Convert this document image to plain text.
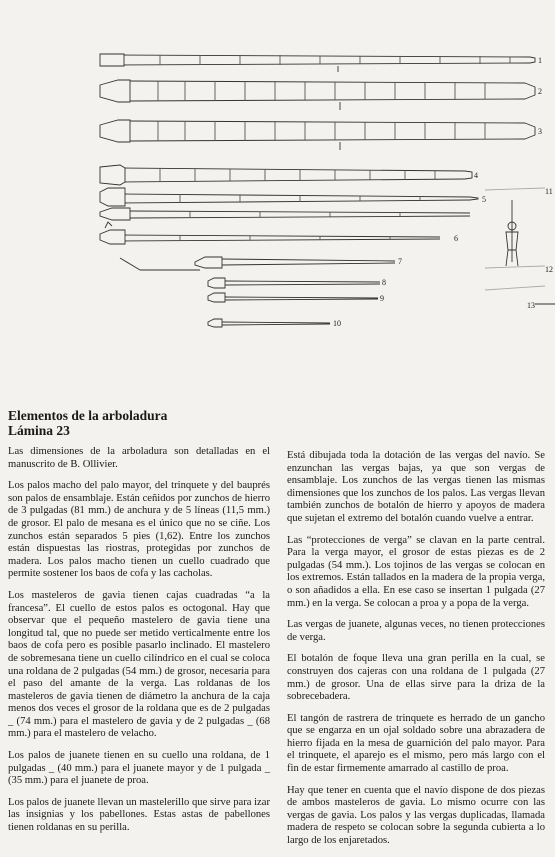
1
2
3
4
5
6
7
8
9
10
11
12
13
Elementos de la arboladura
Lámina 23

Las dimensiones de la arboladura son detalladas en el manuscrito de B. Ollivier.

Los palos macho del palo mayor, del trinquete y del bauprés son palos de ensamblaje. Están ceñidos por zunchos de hierro de 3 pulgadas (81 mm.) de anchura y de 5 líneas (11,5 mm.) de grosor. El palo de mesana es el único que no se ciñe. Los zunchos están separados 5 pies (1,62). Entre los zunchos están dispuestas las riostras, protegidas por zunchos de madera. Los palos macho tienen un cuello cuadrado que permite sostener los baos de cofa y las cacholas.

Los masteleros de gavia tienen cajas cuadradas “a la francesa”. El cuello de estos palos es octogonal. Hay que observar que el pequeño mastelero de gavia tiene una longitud tal, que no puede ser metido verticalmente entre los baos de cofa pero es posible pasarlo inclinado. El mastelero de sobremesana tiene un cuello cilíndrico en el cual se coloca una roldana de 2 pulgadas (54 mm.) de grosor, necesaria para el paso del amante de la verga. Las roldanas de los masteleros de gavia tienen de diámetro la anchura de la caja menos dos veces el grosor de la roldana que es de 2 pulgadas _ (74 mm.) para el mastelero de gavia y de 2 pulgadas _ (68 mm.) para el mastelero de velacho.

Los palos de juanete tienen en su cuello una roldana, de 1 pulgadas _ (40 mm.) para el juanete mayor y de 1 pulgada _ (35 mm.) para el juanete de proa.

Los palos de juanete llevan un mastelerillo que sirve para izar las insignias y los pabellones. Estas astas de pabellones tienen roldanas en su perilla.

Está dibujada toda la dotación de las vergas del navío. Se enzunchan las vergas bajas, ya que son vergas de ensamblaje. Los zunchos de las vergas tienen las mismas dimensiones que los zunchos de los palos. Las vergas llevan también zunchos de botalón de hierro y apoyos de madera que sujetan el extremo del botalón cuando vuelve a entrar.

Las “protecciones de verga” se clavan en la parte central. Para la verga mayor, el grosor de estas piezas es de 2 pulgadas (54 mm.). Los tojinos de las vergas se colocan en los extremos. Están tallados en la madera de la propia verga, o son añadidos a ella. En ese caso se insertan 1 pulgada (27 mm.) en la verga. Se colocan a proa y a popa de la verga.

Las vergas de juanete, algunas veces, no tienen protecciones de verga.

El botalón de foque lleva una gran perilla en la cual, se construyen dos cajeras con una roldana de 1 pulgada (27 mm.) de grosor. Una de ellas sirve para la driza de la sobrecebadera.

El tangón de rastrera de trinquete es herrado de un gancho que se engarza en un ojal soldado sobre una abrazadera de hierro fijada en la mesa de guarnición del palo mayor. Para el trinquete, el aparejo es el mismo, pero más largo con el fin de estar firmemente amarrado al castillo de proa.

Hay que tener en cuenta que el navío dispone de dos piezas de ambos masteleros de gavia. Lo mismo ocurre con las vergas de gavia. Los palos y las vergas duplicadas, llamada madera de respeto se colocan sobre la segunda cubierta a lo largo de los enjaretados.
